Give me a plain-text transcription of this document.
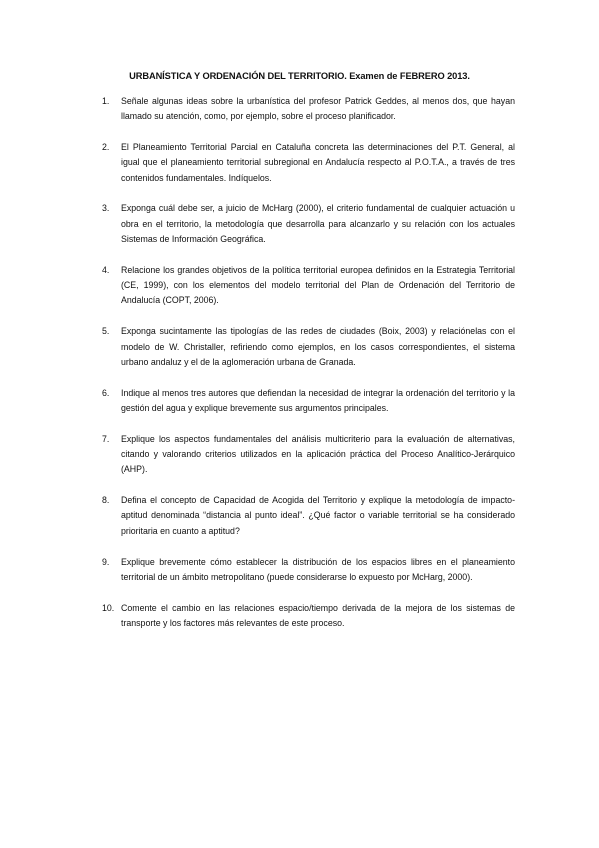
URBANÍSTICA Y ORDENACIÓN DEL TERRITORIO. Examen de FEBRERO 2013.
1. Señale algunas ideas sobre la urbanística del profesor Patrick Geddes, al menos dos, que hayan llamado su atención, como, por ejemplo, sobre el proceso planificador.
2. El Planeamiento Territorial Parcial en Cataluña concreta las determinaciones del P.T. General, al igual que el planeamiento territorial subregional en Andalucía respecto al P.O.T.A., a través de tres contenidos fundamentales. Indíquelos.
3. Exponga cuál debe ser, a juicio de McHarg (2000), el criterio fundamental de cualquier actuación u obra en el territorio, la metodología que desarrolla para alcanzarlo y su relación con los actuales Sistemas de Información Geográfica.
4. Relacione los grandes objetivos de la política territorial europea definidos en la Estrategia Territorial (CE, 1999), con los elementos del modelo territorial del Plan de Ordenación del Territorio de Andalucía (COPT, 2006).
5. Exponga sucintamente las tipologías de las redes de ciudades (Boix, 2003) y relaciónelas con el modelo de W. Christaller, refiriendo como ejemplos, en los casos correspondientes, el sistema urbano andaluz y el de la aglomeración urbana de Granada.
6. Indique al menos tres autores que defiendan la necesidad de integrar la ordenación del territorio y la gestión del agua y explique brevemente sus argumentos principales.
7. Explique los aspectos fundamentales del análisis multicriterio para la evaluación de alternativas, citando y valorando criterios utilizados en la aplicación práctica del Proceso Analítico-Jerárquico (AHP).
8. Defina el concepto de Capacidad de Acogida del Territorio y explique la metodología de impacto-aptitud denominada “distancia al punto ideal”. ¿Qué factor o variable territorial se ha considerado prioritaria en cuanto a aptitud?
9. Explique brevemente cómo establecer la distribución de los espacios libres en el planeamiento territorial de un ámbito metropolitano (puede considerarse lo expuesto por McHarg, 2000).
10. Comente el cambio en las relaciones espacio/tiempo derivada de la mejora de los sistemas de transporte y los factores más relevantes de este proceso.
